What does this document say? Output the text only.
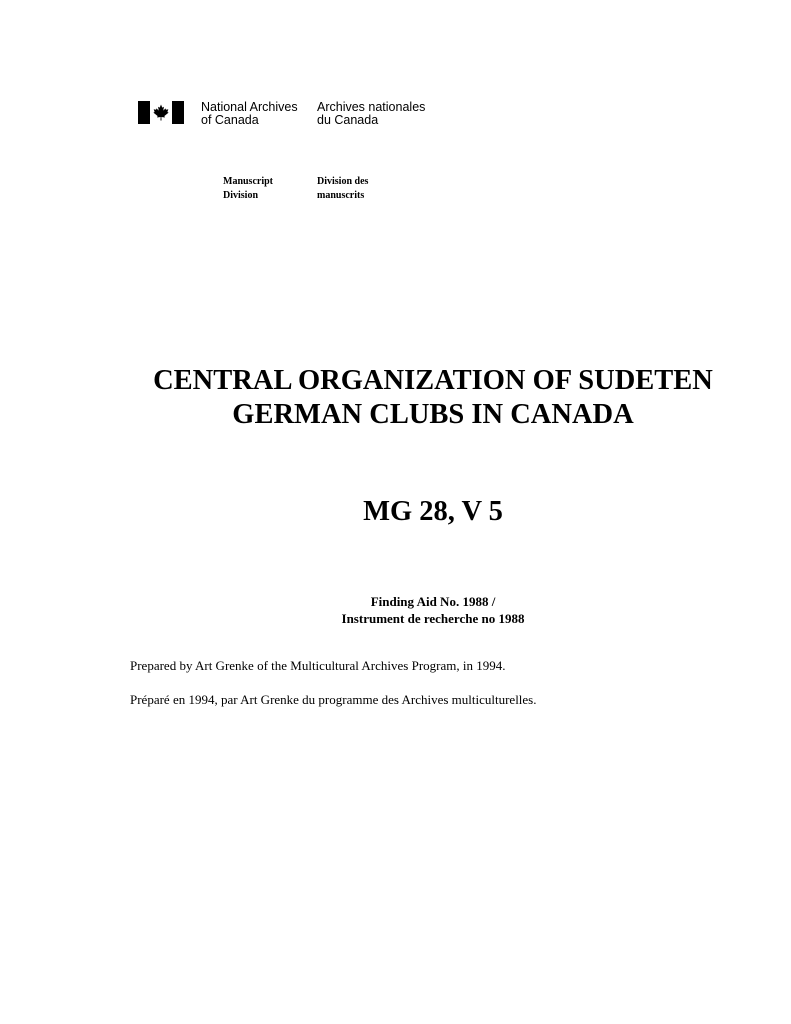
National Archives
of Canada
Archives nationales
du Canada
Manuscript
Division
Division des
manuscrits
CENTRAL ORGANIZATION OF SUDETEN
GERMAN CLUBS IN CANADA
MG 28, V 5
Finding Aid No. 1988 /
Instrument de recherche no 1988

Prepared by Art Grenke of the Multicultural Archives Program, in 1994.

Préparé en 1994, par Art Grenke du programme des Archives multiculturelles.
